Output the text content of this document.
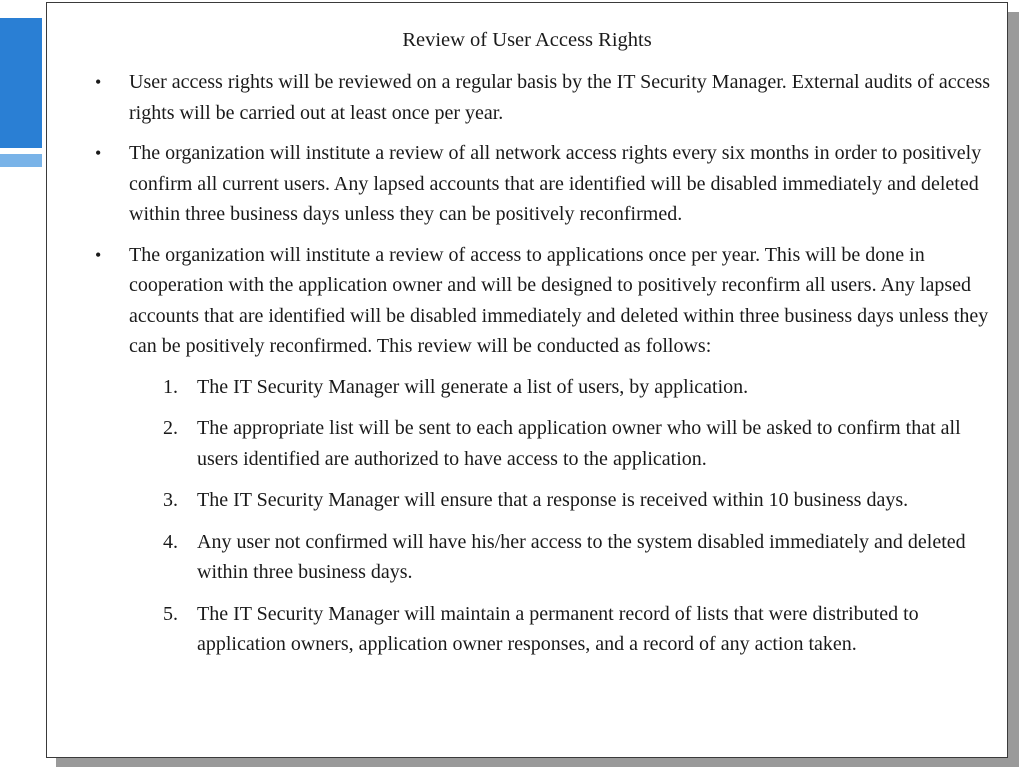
Review of User Access Rights
• User access rights will be reviewed on a regular basis by the IT Security Manager. External audits of access rights will be carried out at least once per year.
• The organization will institute a review of all network access rights every six months in order to positively confirm all current users. Any lapsed accounts that are identified will be disabled immediately and deleted within three business days unless they can be positively reconfirmed.
• The organization will institute a review of access to applications once per year. This will be done in cooperation with the application owner and will be designed to positively reconfirm all users. Any lapsed accounts that are identified will be disabled immediately and deleted within three business days unless they can be positively reconfirmed. This review will be conducted as follows:
1. The IT Security Manager will generate a list of users, by application.
2. The appropriate list will be sent to each application owner who will be asked to confirm that all users identified are authorized to have access to the application.
3. The IT Security Manager will ensure that a response is received within 10 business days.
4. Any user not confirmed will have his/her access to the system disabled immediately and deleted within three business days.
5. The IT Security Manager will maintain a permanent record of lists that were distributed to application owners, application owner responses, and a record of any action taken.
